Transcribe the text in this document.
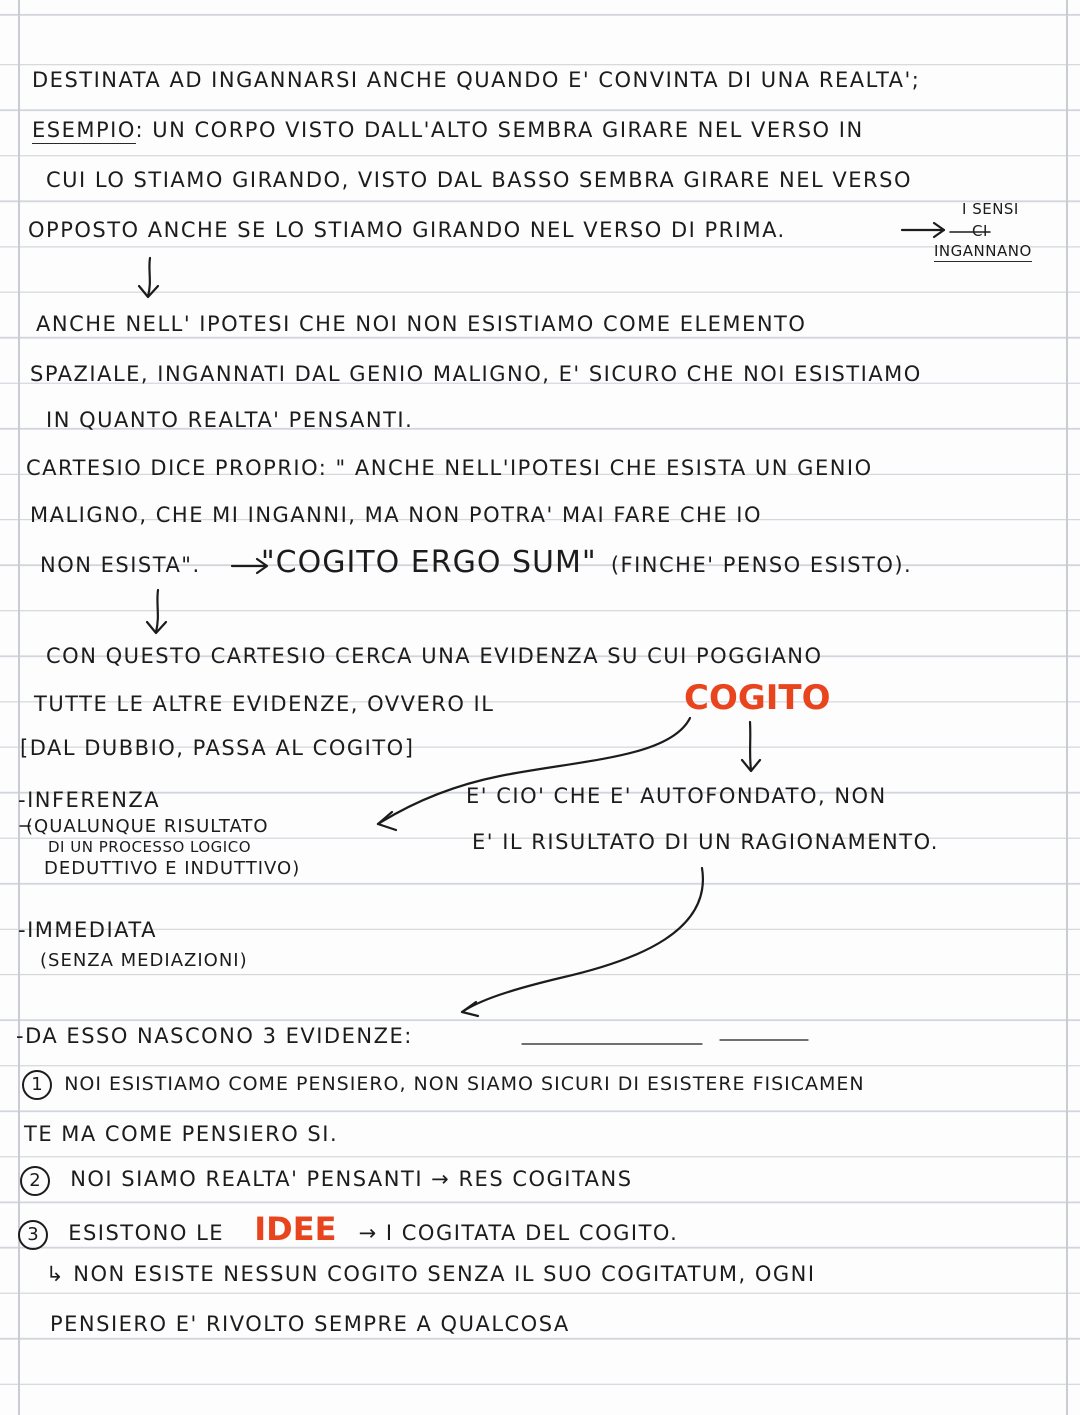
DESTINATA AD INGANNARSI ANCHE QUANDO E' CONVINTA DI UNA REALTA';
ESEMPIO: UN CORPO VISTO DALL'ALTO SEMBRA GIRARE NEL VERSO IN
CUI LO STIAMO GIRANDO, VISTO DAL BASSO SEMBRA GIRARE NEL VERSO
OPPOSTO ANCHE SE LO STIAMO GIRANDO NEL VERSO DI PRIMA.
I SENSI
CI
INGANNANO
ANCHE NELL' IPOTESI CHE NOI NON ESISTIAMO COME ELEMENTO
SPAZIALE, INGANNATI DAL GENIO MALIGNO, E' SICURO CHE NOI ESISTIAMO
IN QUANTO REALTA' PENSANTI.
CARTESIO DICE PROPRIO: " ANCHE NELL'IPOTESI CHE ESISTA UN GENIO
MALIGNO, CHE MI INGANNI, MA NON POTRA' MAI FARE CHE IO
NON ESISTA". "COGITO ERGO SUM" (FINCHE' PENSO ESISTO).
CON QUESTO CARTESIO CERCA UNA EVIDENZA SU CUI POGGIANO
TUTTE LE ALTRE EVIDENZE, OVVERO IL	COGITO
[DAL DUBBIO, PASSA AL COGITO]
-INFERENZA
(QUALUNQUE RISULTATO
DI UN PROCESSO LOGICO
DEDUTTIVO E INDUTTIVO)
E' CIO' CHE E' AUTOFONDATO, NON
E' IL RISULTATO DI UN RAGIONAMENTO.
-IMMEDIATA
(SENZA MEDIAZIONI)
-DA ESSO NASCONO 3 EVIDENZE:
1 NOI ESISTIAMO COME PENSIERO, NON SIAMO SICURI DI ESISTERE FISICAMEN
TE MA COME PENSIERO SI.
2 NOI SIAMO REALTA' PENSANTI → RES COGITANS
3 ESISTONO LE IDEE → I COGITATA DEL COGITO.
↳ NON ESISTE NESSUN COGITO SENZA IL SUO COGITATUM, OGNI
PENSIERO E' RIVOLTO SEMPRE A QUALCOSA
